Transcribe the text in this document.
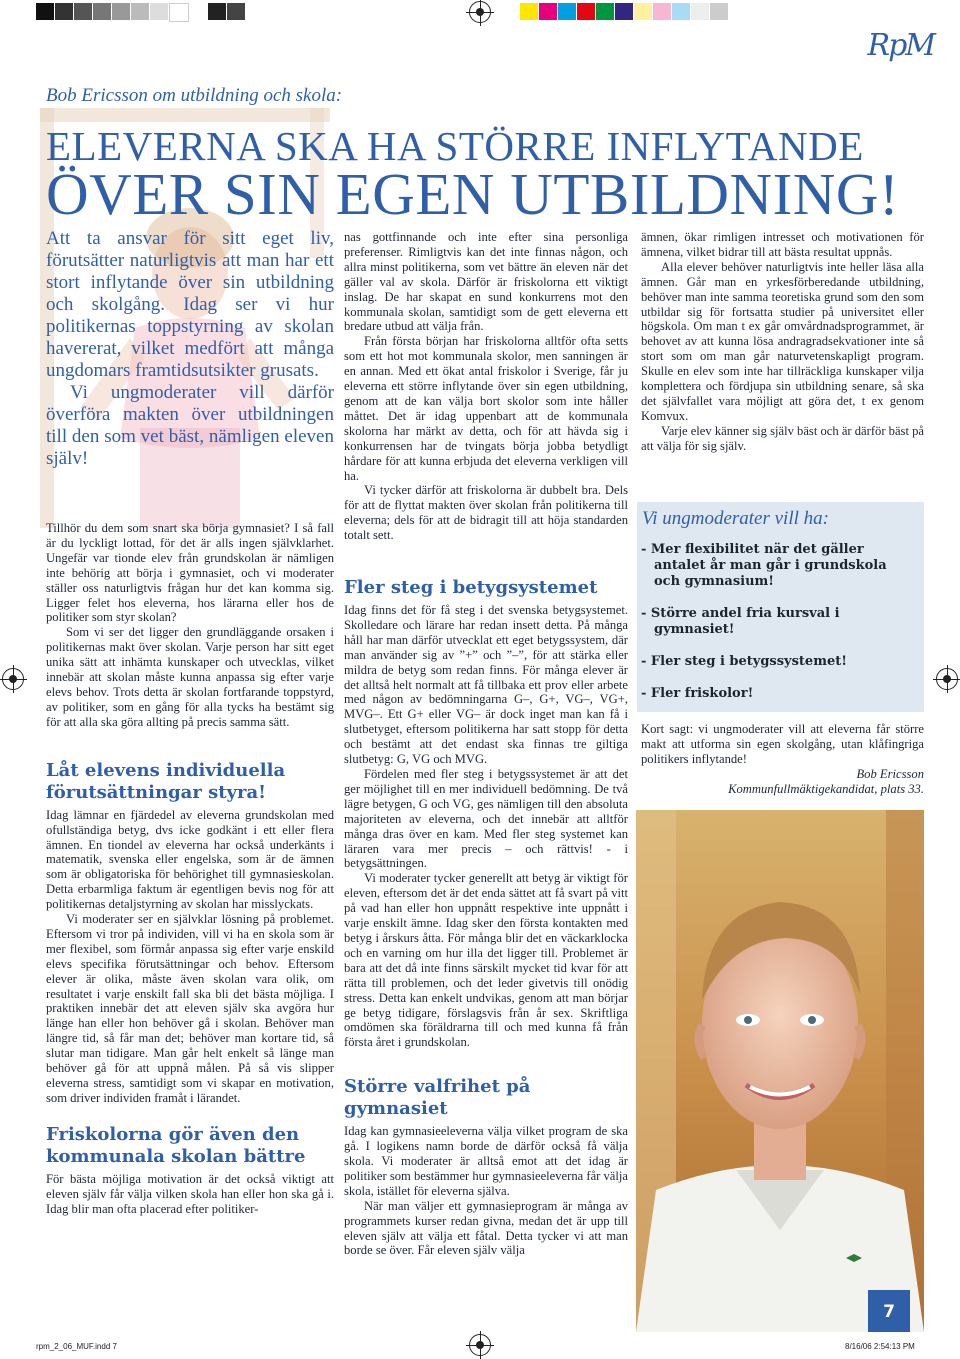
RpM
Bob Ericsson om utbildning och skola:
ELEVERNA SKA HA STÖRRE INFLYTANDE
ÖVER SIN EGEN UTBILDNING!

Att ta ansvar för sitt eget liv, förutsätter naturligtvis att man har ett stort inflytande över sin utbildning och skolgång. Idag ser vi hur politikernas toppstyrning av skolan havererat, vilket medfört att många ungdomars framtidsutsikter grusats.

Vi ungmoderater vill därför överföra makten över utbildningen till den som vet bäst, nämligen eleven själv!

Tillhör du dem som snart ska börja gymnasiet? I så fall är du lyckligt lottad, för det är alls ingen självklarhet. Ungefär var tionde elev från grundskolan är nämligen inte behörig att börja i gymnasiet, och vi moderater ställer oss naturligtvis frågan hur det kan komma sig. Ligger felet hos eleverna, hos lärarna eller hos de politiker som styr skolan?

Som vi ser det ligger den grundläggande orsaken i politikernas makt över skolan. Varje person har sitt eget unika sätt att inhämta kunskaper och utvecklas, vilket innebär att skolan måste kunna anpassa sig efter varje elevs behov. Trots detta är skolan fortfarande toppstyrd, av politiker, som en gång för alla tycks ha bestämt sig för att alla ska göra allting på precis samma sätt.

Låt elevens individuella förutsättningar styra!

Idag lämnar en fjärdedel av eleverna grundskolan med ofullständiga betyg, dvs icke godkänt i ett eller flera ämnen. En tiondel av eleverna har också underkänts i matematik, svenska eller engelska, som är de ämnen som är obligatoriska för behörighet till gymnasieskolan. Detta erbarmliga faktum är egentligen bevis nog för att politikernas detaljstyrning av skolan har misslyckats.

Vi moderater ser en självklar lösning på problemet. Eftersom vi tror på individen, vill vi ha en skola som är mer flexibel, som förmår anpassa sig efter varje enskild elevs specifika förutsättningar och behov. Eftersom elever är olika, måste även skolan vara olik, om resultatet i varje enskilt fall ska bli det bästa möjliga. I praktiken innebär det att eleven själv ska avgöra hur länge han eller hon behöver gå i skolan. Behöver man längre tid, så får man det; behöver man kortare tid, så slutar man tidigare. Man går helt enkelt så länge man behöver gå för att uppnå målen. På så vis slipper eleverna stress, samtidigt som vi skapar en motivation, som driver individen framåt i lärandet.

Friskolorna gör även den kommunala skolan bättre

För bästa möjliga motivation är det också viktigt att eleven själv får välja vilken skola han eller hon ska gå i. Idag blir man ofta placerad efter politiker-

nas gottfinnande och inte efter sina personliga preferenser. Rimligtvis kan det inte finnas någon, och allra minst politikerna, som vet bättre än eleven när det gäller val av skola. Därför är friskolorna ett viktigt inslag. De har skapat en sund konkurrens mot den kommunala skolan, samtidigt som de gett eleverna ett bredare utbud att välja från.

Från första början har friskolorna alltför ofta setts som ett hot mot kommunala skolor, men sanningen är en annan. Med ett ökat antal friskolor i Sverige, får ju eleverna ett större inflytande över sin egen utbildning, genom att de kan välja bort skolor som inte håller måttet. Det är idag uppenbart att de kommunala skolorna har märkt av detta, och för att hävda sig i konkurrensen har de tvingats börja jobba betydligt hårdare för att kunna erbjuda det eleverna verkligen vill ha.

Vi tycker därför att friskolorna är dubbelt bra. Dels för att de flyttat makten över skolan från politikerna till eleverna; dels för att de bidragit till att höja standarden totalt sett.

Fler steg i betygsystemet

Idag finns det för få steg i det svenska betygsystemet. Skolledare och lärare har redan insett detta. På många håll har man därför utvecklat ett eget betygssystem, där man använder sig av ”+” och ”–”, för att stärka eller mildra de betyg som redan finns. För många elever är det alltså helt normalt att få tillbaka ett prov eller arbete med någon av bedömningarna G–, G+, VG–, VG+, MVG–. Ett G+ eller VG– är dock inget man kan få i slutbetyget, eftersom politikerna har satt stopp för detta och bestämt att det endast ska finnas tre giltiga slutbetyg: G, VG och MVG.

Fördelen med fler steg i betygssystemet är att det ger möjlighet till en mer individuell bedömning. De två lägre betygen, G och VG, ges nämligen till den absoluta majoriteten av eleverna, och det innebär att alltför många dras över en kam. Med fler steg systemet kan läraren vara mer precis – och rättvis! - i betygsättningen.

Vi moderater tycker generellt att betyg är viktigt för eleven, eftersom det är det enda sättet att få svart på vitt på vad han eller hon uppnått respektive inte uppnått i varje enskilt ämne. Idag sker den första kontakten med betyg i årskurs åtta. För många blir det en väckarklocka och en varning om hur illa det ligger till. Problemet är bara att det då inte finns särskilt mycket tid kvar för att rätta till problemen, och det leder givetvis till onödig stress. Detta kan enkelt undvikas, genom att man börjar ge betyg tidigare, förslagsvis från år sex. Skriftliga omdömen ska föräldrarna till och med kunna få från första året i grundskolan.

Större valfrihet på gymnasiet

Idag kan gymnasieeleverna välja vilket program de ska gå. I logikens namn borde de därför också få välja skola. Vi moderater är alltså emot att det idag är politiker som bestämmer hur gymnasieeleverna får välja skola, istället för eleverna själva.

När man väljer ett gymnasieprogram är många av programmets kurser redan givna, medan det är upp till eleven själv att välja ett fåtal. Detta tycker vi att man borde se över. Får eleven själv välja

ämnen, ökar rimligen intresset och motivationen för ämnena, vilket bidrar till att bästa resultat uppnås.

Alla elever behöver naturligtvis inte heller läsa alla ämnen. Går man en yrkesförberedande utbildning, behöver man inte samma teoretiska grund som den som utbildar sig för fortsatta studier på universitet eller högskola. Om man t ex går omvårdnadsprogrammet, är behovet av att kunna lösa andragradsekvationer inte så stort som om man går naturvetenskapligt program. Skulle en elev som inte har tillräckliga kunskaper vilja komplettera och fördjupa sin utbildning senare, så ska det självfallet vara möjligt att göra det, t ex genom Komvux.

Varje elev känner sig själv bäst och är därför bäst på att välja för sig själv.

Vi ungmoderater vill ha:
- Mer flexibilitet när det gäller antalet år man går i grundskola och gymnasium!
- Större andel fria kursval i gymnasiet!
- Fler steg i betygssystemet!
- Fler friskolor!

Kort sagt: vi ungmoderater vill att eleverna får större makt att utforma sin egen skolgång, utan klåfingriga politikers inflytande!

Bob Ericsson

Kommunfullmäktigekandidat, plats 33.

7
rpm_2_06_MUF.indd 7	8/16/06 2:54:13 PM
